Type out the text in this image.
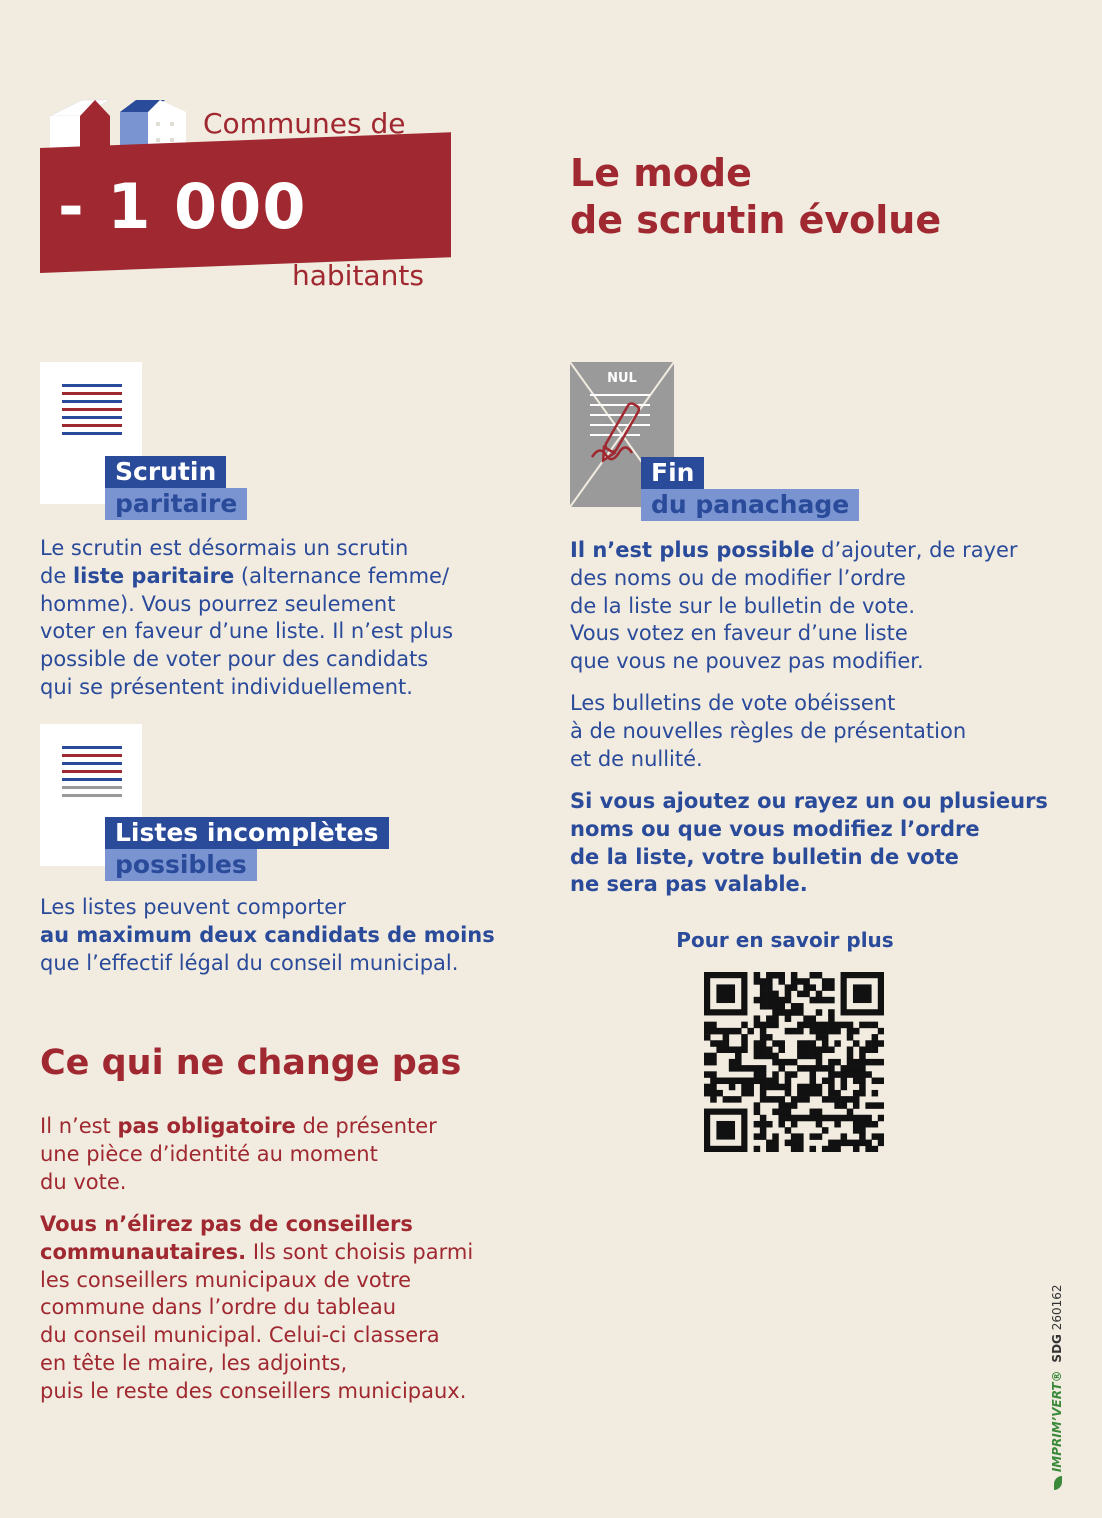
Communes de
- 1 000
habitants
Le mode
de scrutin évolue
Scrutin
paritaire

Le scrutin est désormais un scrutin

de liste paritaire (alternance femme/

homme). Vous pourrez seulement

voter en faveur d’une liste. Il n’est plus

possible de voter pour des candidats

qui se présentent individuellement.

Listes incomplètes
possibles

Les listes peuvent comporter

au maximum deux candidats de moins

que l’effectif légal du conseil municipal.

Ce qui ne change pas

Il n’est pas obligatoire de présenter

une pièce d’identité au moment

du vote.

Vous n’élirez pas de conseillers

communautaires. Ils sont choisis parmi

les conseillers municipaux de votre

commune dans l’ordre du tableau

du conseil municipal. Celui-ci classera

en tête le maire, les adjoints,

puis le reste des conseillers municipaux.

NUL
Fin
du panachage

Il n’est plus possible d’ajouter, de rayer

des noms ou de modifier l’ordre

de la liste sur le bulletin de vote.

Vous votez en faveur d’une liste

que vous ne pouvez pas modifier.

Les bulletins de vote obéissent

à de nouvelles règles de présentation

et de nullité.

Si vous ajoutez ou rayez un ou plusieurs

noms ou que vous modifiez l’ordre

de la liste, votre bulletin de vote

ne sera pas valable.

Pour en savoir plus
IMPRIM’VERT® SDG 260162
